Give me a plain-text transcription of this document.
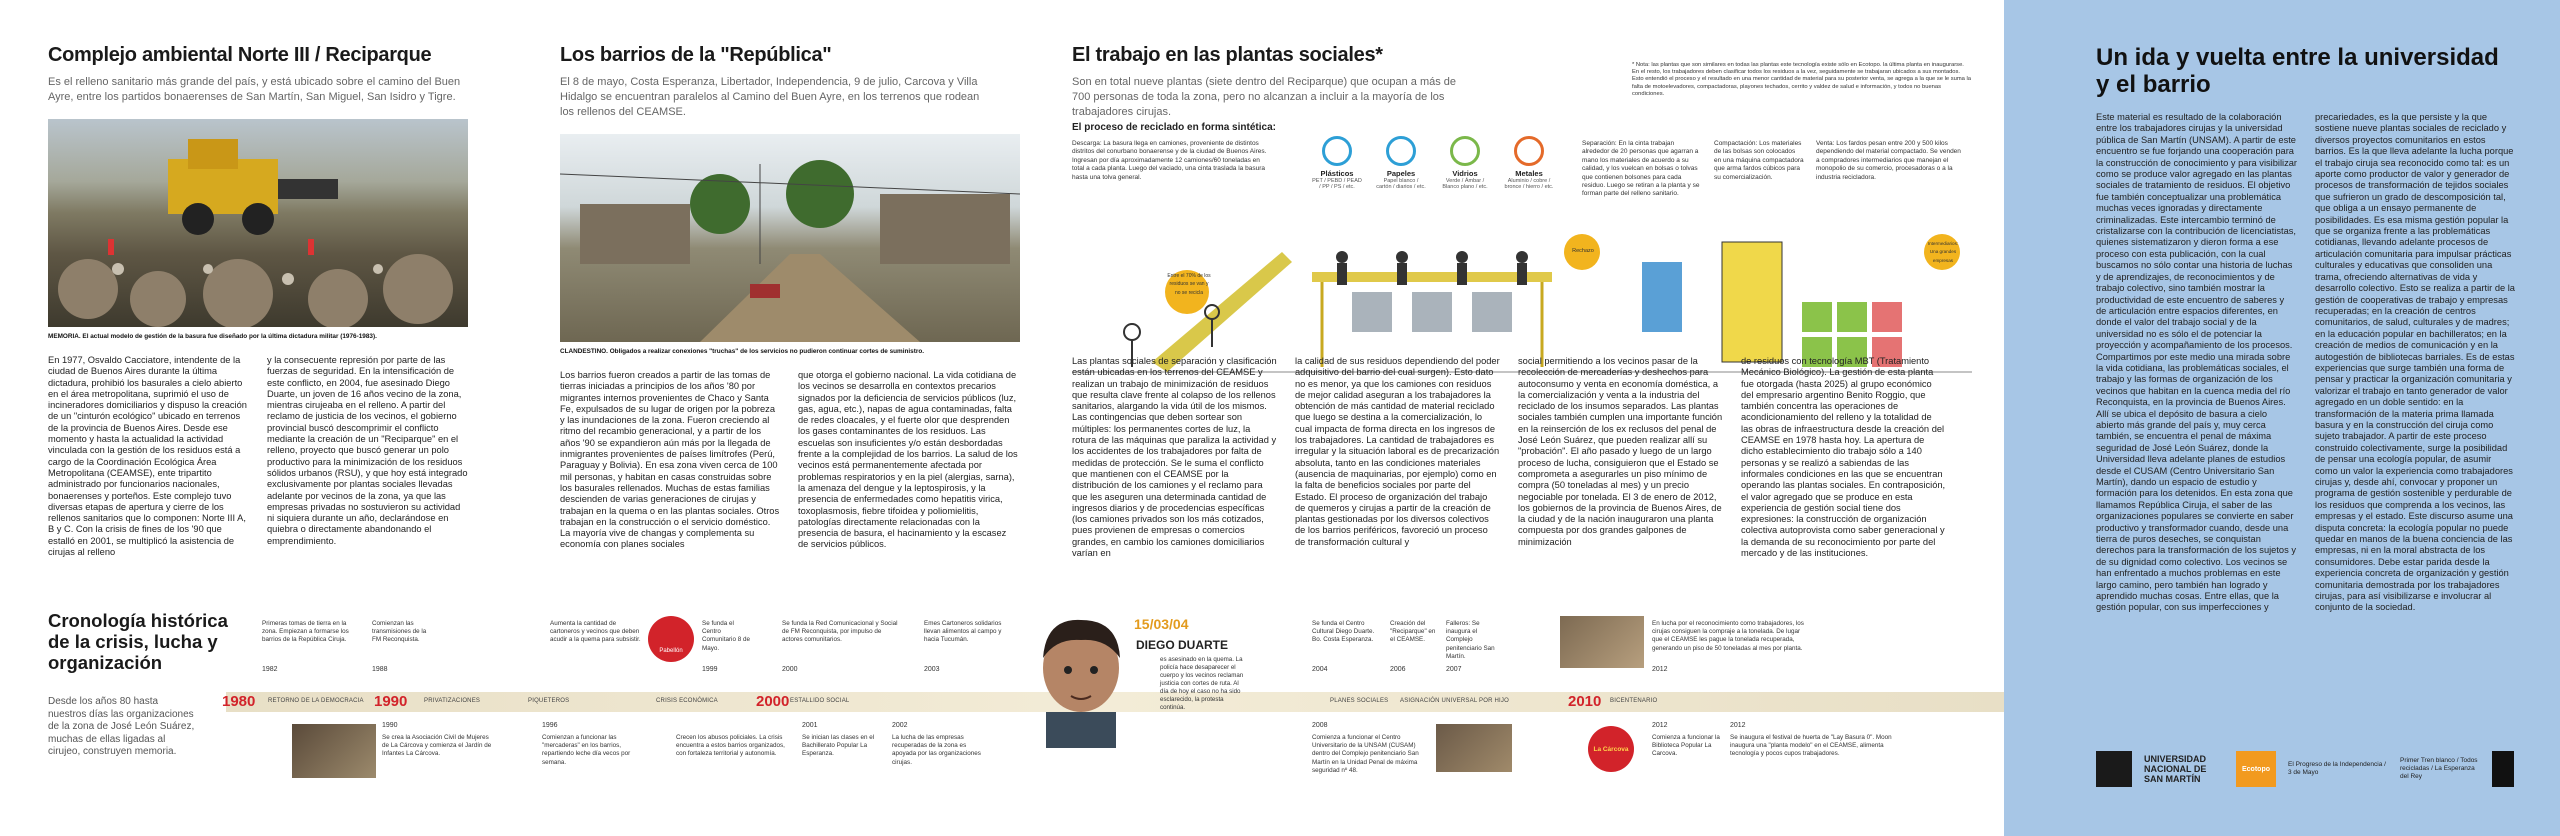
Complejo ambiental Norte III / Reciparque
Es el relleno sanitario más grande del país, y está ubicado sobre el camino del Buen Ayre, entre los partidos bonaerenses de San Martín, San Miguel, San Isidro y Tigre.
MEMORIA. El actual modelo de gestión de la basura fue diseñado por la última dictadura militar (1976-1983).

En 1977, Osvaldo Cacciatore, intendente de la ciudad de Buenos Aires durante la última dictadura, prohibió los basurales a cielo abierto en el área metropolitana, suprimió el uso de incineradores domiciliarios y dispuso la creación de un "cinturón ecológico" ubicado en terrenos de la provincia de Buenos Aires. Desde ese momento y hasta la actualidad la actividad vinculada con la gestión de los residuos está a cargo de la Coordinación Ecológica Área Metropolitana (CEAMSE), ente tripartito administrado por funcionarios nacionales, bonaerenses y porteños. Este complejo tuvo diversas etapas de apertura y cierre de los rellenos sanitarios que lo componen: Norte III A, B y C. Con la crisis de fines de los '90 que estalló en 2001, se multiplicó la asistencia de cirujas al relleno

y la consecuente represión por parte de las fuerzas de seguridad. En la intensificación de este conflicto, en 2004, fue asesinado Diego Duarte, un joven de 16 años vecino de la zona, mientras cirujeaba en el relleno. A partir del reclamo de justicia de los vecinos, el gobierno provincial buscó descomprimir el conflicto mediante la creación de un "Reciparque" en el relleno, proyecto que buscó generar un polo productivo para la minimización de los residuos sólidos urbanos (RSU), y que hoy está integrado exclusivamente por plantas sociales llevadas adelante por vecinos de la zona, ya que las empresas privadas no sostuvieron su actividad ni siquiera durante un año, declarándose en quiebra o directamente abandonando el emprendimiento.

Los barrios de la "República"
El 8 de mayo, Costa Esperanza, Libertador, Independencia, 9 de julio, Carcova y Villa Hidalgo se encuentran paralelos al Camino del Buen Ayre, en los terrenos que rodean los rellenos del CEAMSE.
CLANDESTINO. Obligados a realizar conexiones "truchas" de los servicios no pudieron continuar cortes de suministro.

Los barrios fueron creados a partir de las tomas de tierras iniciadas a principios de los años '80 por migrantes internos provenientes de Chaco y Santa Fe, expulsados de su lugar de origen por la pobreza y las inundaciones de la zona. Fueron creciendo al ritmo del recambio generacional, y a partir de los años '90 se expandieron aún más por la llegada de inmigrantes provenientes de países limítrofes (Perú, Paraguay y Bolivia). En esa zona viven cerca de 100 mil personas, y habitan en casas construidas sobre los basurales rellenados. Muchas de estas familias descienden de varias generaciones de cirujas y trabajan en la quema o en las plantas sociales. Otros trabajan en la construcción o el servicio doméstico. La mayoría vive de changas y complementa su economía con planes sociales

que otorga el gobierno nacional. La vida cotidiana de los vecinos se desarrolla en contextos precarios signados por la deficiencia de servicios públicos (luz, gas, agua, etc.), napas de agua contaminadas, falta de redes cloacales, y el fuerte olor que desprenden los gases contaminantes de los residuos. Las escuelas son insuficientes y/o están desbordadas frente a la complejidad de los barrios. La salud de los vecinos está permanentemente afectada por problemas respiratorios y en la piel (alergias, sarna), la amenaza del dengue y la leptospirosis, y la presencia de enfermedades como hepatitis virica, toxoplasmosis, fiebre tifoidea y poliomielitis, patologías directamente relacionadas con la presencia de basura, el hacinamiento y la escasez de servicios públicos.

El trabajo en las plantas sociales*
Son en total nueve plantas (siete dentro del Reciparque) que ocupan a más de 700 personas de toda la zona, pero no alcanzan a incluir a la mayoría de los trabajadores cirujas.
* Nota: las plantas que son similares en todas las plantas este tecnología existe sólo en Ecotopo. la última planta en inaugurarse. En el resto, los trabajadores deben clasificar todos los residuos a la vez, seguidamente se trabajaran ubicados a sus montados. Esto entendió el proceso y el resultado en una menor cantidad de material para su posterior venta, se agrega a la que se le suma la falta de motoelevadores, compactadoras, playones techados, cerrito y valdez de salud e información, y todos no buenas condiciones.
El proceso de reciclado en forma sintética:
Descarga: La basura llega en camiones, proveniente de distintos distritos del conurbano bonaerense y de la ciudad de Buenos Aires. Ingresan por día aproximadamente 12 camiones/60 toneladas en total a cada planta. Luego del vaciado, una cinta traslada la basura hasta una tolva general.
Separación: En la cinta trabajan alrededor de 20 personas que agarran a mano los materiales de acuerdo a su calidad, y los vuelcan en bolsas o tolvas que contienen bolsones para cada residuo. Luego se retiran a la planta y se forman parte del relleno sanitario.
Compactación: Los materiales de las bolsas son colocados en una máquina compactadora que arma fardos cúbicos para su comercialización.
Venta: Los fardos pesan entre 200 y 500 kilos dependiendo del material compactado. Se venden a compradores intermediarios que manejan el monopolio de su comercio, procesadoras o a la industria recicladora.
Plásticos
PET / PEBD / PEAD / PP / PS / etc.
Papeles
Papel blanco / cartón / diarios / etc.
Vidrios
Verde / Ámbar / Blanco plano / etc.
Metales
Aluminio / cobre / bronce / hierro / etc.
Entre el 70% de los residuos se van y no se recicla
Rechazo
Intermediarios: Una grandes empresas

Las plantas sociales de separación y clasificación están ubicadas en los terrenos del CEAMSE y realizan un trabajo de minimización de residuos que resulta clave frente al colapso de los rellenos sanitarios, alargando la vida útil de los mismos. Las contingencias que deben sortear son múltiples: los permanentes cortes de luz, la rotura de las máquinas que paraliza la actividad y los accidentes de los trabajadores por falta de medidas de protección. Se le suma el conflicto que mantienen con el CEAMSE por la distribución de los camiones y el reclamo para que les aseguren una determinada cantidad de ingresos diarios y de procedencias específicas (los camiones privados son los más cotizados, pues provienen de empresas o comercios grandes, en cambio los camiones domiciliarios varían en

la calidad de sus residuos dependiendo del poder adquisitivo del barrio del cual surgen). Esto dato no es menor, ya que los camiones con residuos de mejor calidad aseguran a los trabajadores la obtención de más cantidad de material reciclado que luego se destina a la comercialización, lo cual impacta de forma directa en los ingresos de los trabajadores. La cantidad de trabajadores es irregular y la situación laboral es de precarización absoluta, tanto en las condiciones materiales (ausencia de maquinarias, por ejemplo) como en la falta de beneficios sociales por parte del Estado. El proceso de organización del trabajo de quemeros y cirujas a partir de la creación de plantas gestionadas por los diversos colectivos de los barrios periféricos, favoreció un proceso de transformación cultural y

social permitiendo a los vecinos pasar de la recolección de mercaderías y deshechos para autoconsumo y venta en economía doméstica, a la comercialización y venta a la industria del reciclado de los insumos separados. Las plantas sociales también cumplen una importante función en la reinserción de los ex reclusos del penal de José León Suárez, que pueden realizar allí su "probación". El año pasado y luego de un largo proceso de lucha, consiguieron que el Estado se comprometa a asegurarles un piso mínimo de compra (50 toneladas al mes) y un precio negociable por tonelada. El 3 de enero de 2012, los gobiernos de la provincia de Buenos Aires, de la ciudad y de la nación inauguraron una planta compuesta por dos grandes galpones de minimización

de residuos con tecnología MBT (Tratamiento Mecánico Biológico). La gestión de esta planta fue otorgada (hasta 2025) al grupo económico del empresario argentino Benito Roggio, que también concentra las operaciones de acondicionamiento del relleno y la totalidad de las obras de infraestructura desde la creación del CEAMSE en 1978 hasta hoy. La apertura de dicho establecimiento dio trabajo sólo a 140 personas y se realizó a sabiendas de las informales condiciones en las que se encuentran operando las plantas sociales. En contraposición, el valor agregado que se produce en esta experiencia de gestión social tiene dos expresiones: la construcción de organización colectiva autoprovista como saber generacional y la demanda de su reconocimiento por parte del mercado y de las instituciones.

Un ida y vuelta entre la universidad y el barrio
Este material es resultado de la colaboración entre los trabajadores cirujas y la universidad pública de San Martín (UNSAM). A partir de este encuentro se fue forjando una cooperación para la construcción de conocimiento y para visibilizar como se produce valor agregado en las plantas sociales de tratamiento de residuos. El objetivo fue también conceptualizar una problemática muchas veces ignoradas y directamente criminalizadas. Este intercambio terminó de cristalizarse con la contribución de licenciatistas, quienes sistematizaron y dieron forma a ese proceso con esta publicación, con la cual buscamos no sólo contar una historia de luchas y de aprendizajes, de reconocimientos y de trabajo colectivo, sino también mostrar la productividad de este encuentro de saberes y de articulación entre espacios diferentes, en donde el valor del trabajo social y de la universidad no es sólo el de potenciar la proyección y acompañamiento de los procesos. Compartimos por este medio una mirada sobre la vida cotidiana, las problemáticas sociales, el trabajo y las formas de organización de los vecinos que habitan en la cuenca media del río Reconquista, en la provincia de Buenos Aires. Allí se ubica el depósito de basura a cielo abierto más grande del país y, muy cerca también, se encuentra el penal de máxima seguridad de José León Suárez, donde la Universidad lleva adelante planes de estudios desde el CUSAM (Centro Universitario San Martín), dando un espacio de estudio y formación para los detenidos. En esta zona que llamamos República Ciruja, el saber de las organizaciones populares se convierte en saber productivo y transformador cuando, desde una tierra de puros deseches, se conquistan derechos para la transformación de los sujetos y de su dignidad como colectivo. Los vecinos se han enfrentado a muchos problemas en este largo camino, pero también han logrado y aprendido muchas cosas. Entre ellas, que la gestión popular, con sus imperfecciones y precariedades, es la que persiste y la que sostiene nueve plantas sociales de reciclado y diversos proyectos comunitarios en estos barrios. Es la que lleva adelante la lucha porque el trabajo ciruja sea reconocido como tal: es un aporte como productor de valor y generador de procesos de transformación de tejidos sociales que sufrieron un grado de descomposición tal, que obliga a un ensayo permanente de posibilidades. Es esa misma gestión popular la que se organiza frente a las problemáticas cotidianas, llevando adelante procesos de articulación comunitaria para impulsar prácticas culturales y educativas que consoliden una trama, ofreciendo alternativas de vida y desarrollo colectivo. Esto se realiza a partir de la gestión de cooperativas de trabajo y empresas recuperadas; en la creación de centros comunitarios, de salud, culturales y de madres; en la educación popular en bachilleratos; en la creación de medios de comunicación y en la autogestión de bibliotecas barriales. Es de estas experiencias que surge también una forma de pensar y practicar la organización comunitaria y valorizar el trabajo en tanto generador de valor agregado en un doble sentido: en la transformación de la materia prima llamada basura y en la construcción del ciruja como sujeto trabajador. A partir de este proceso construido colectivamente, surge la posibilidad de pensar una ecología popular, de asumir como un valor la experiencia como trabajadores cirujas y, desde ahí, convocar y proponer un programa de gestión sostenible y perdurable de los residuos que comprenda a los vecinos, las empresas y el estado. Este discurso asume una disputa concreta: la ecología popular no puede quedar en manos de la buena conciencia de las empresas, ni en la moral abstracta de los consumidores. Debe estar parida desde la experiencia concreta de organización y gestión comunitaria demostrada por los trabajadores cirujas, para así visibilizarse e involucrar al conjunto de la sociedad.
UNIVERSIDAD NACIONAL DE SAN MARTÍN
Ecotopo
El Progreso de la Independencia / 3 de Mayo
Primer Tren blanco / Todos recicladas / La Esperanza del Rey
Cronología histórica de la crisis, lucha y organización
Desde los años 80 hasta nuestros días las organizaciones de la zona de José León Suárez, muchas de ellas ligadas al cirujeo, construyen memoria.
1980	1990	2000	2010
RETORNO DE LA DEMOCRACIA	PRIVATIZACIONES	PIQUETEROS	CRISIS ECONÓMICA	ESTALLIDO SOCIAL	PLANES SOCIALES ASIGNACIÓN UNIVERSAL POR HIJO	BICENTENARIO
Primeras tomas de tierra en la zona. Empiezan a formarse los barrios de la República Ciruja.
1982
Comienzan las transmisiones de la FM Reconquista.
1988
Aumenta la cantidad de cartoneros y vecinos que deben acudir a la quema para subsistir.
Pabellón
Se funda el Centro Comunitario 8 de Mayo.
1999
Se funda la Red Comunicacional y Social de FM Reconquista, por impulso de actores comunitarios.
2000
Emes Cartoneros solidarios llevan alimentos al campo y hacia Tucumán.
2003
15/03/04
DIEGO DUARTE
es asesinado en la quema. La policía hace desaparecer el cuerpo y los vecinos reclaman justicia con cortes de ruta. Al día de hoy el caso no ha sido esclarecido, la protesta continúa.
Se funda el Centro Cultural Diego Duarte. Bo. Costa Esperanza.
2004
Creación del "Reciparque" en el CEAMSE.
2006
Falleros: Se inaugura el Complejo penitenciario San Martín.
2007
En lucha por el reconocimiento como trabajadores, los cirujas consiguen la compraje a la tonelada. De lugar que el CEAMSE les pague la tonelada recuperada, generando un piso de 50 toneladas al mes por planta.
2012
1990
Se crea la Asociación Civil de Mujeres de La Cárcova y comienza el Jardín de Infantes La Cárcova.
1996
Comienzan a funcionar las "mercaderas" en los barrios, repartiendo leche día vecos por semana.
Crecen los abusos policiales. La crisis encuentra a estos barrios organizados, con fortaleza territorial y autonomía.
2001
Se inician las clases en el Bachillerato Popular La Esperanza.
2002
La lucha de las empresas recuperadas de la zona es apoyada por las organizaciones cirujas.
2008
Comienza a funcionar el Centro Universitario de la UNSAM (CUSAM) dentro del Complejo penitenciario San Martín en la Unidad Penal de máxima seguridad nº 48.
La Cárcova
2012
Comienza a funcionar la Biblioteca Popular La Carcova.
2012
Se inaugura el festival de huerta de "Lay Basura 0". Moon inaugura una "planta modelo" en el CEAMSE, alimenta tecnología y pocos cupos trabajadores.
